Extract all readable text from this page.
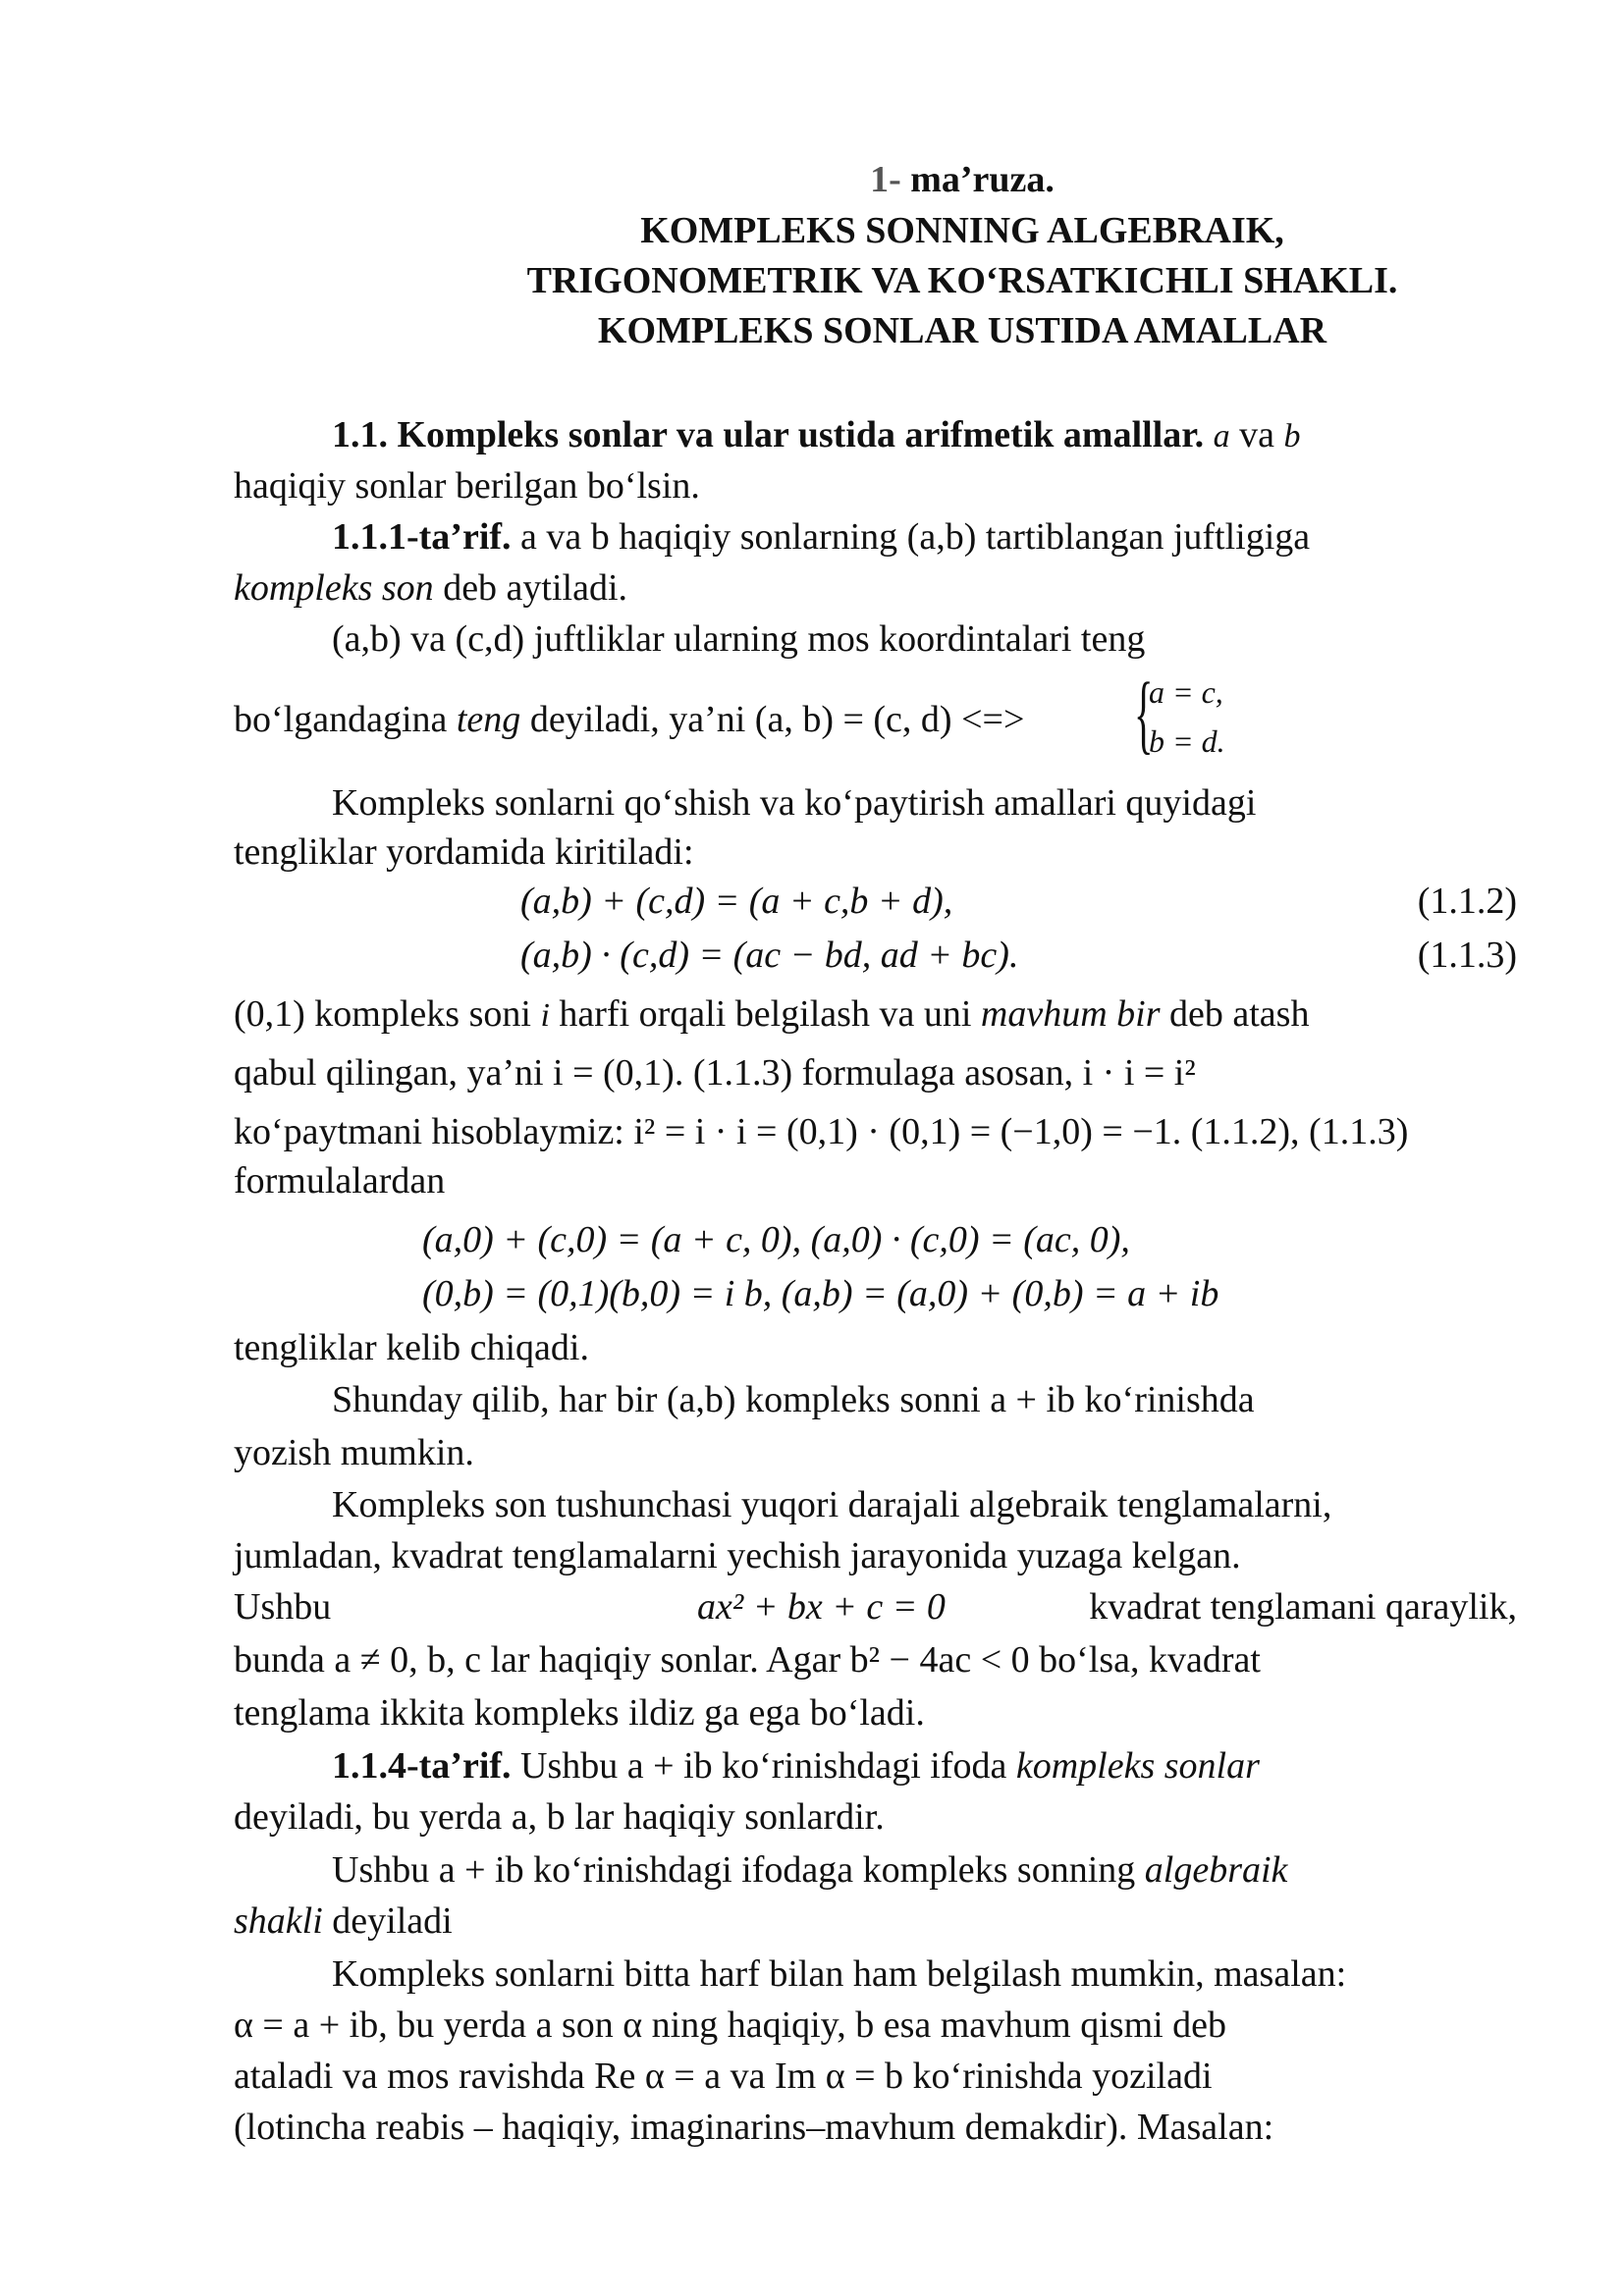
1- ma’ruza.
KOMPLEKS SONNING ALGEBRAIK,
TRIGONOMETRIK VA KO‘RSATKICHLI SHAKLI.
KOMPLEKS SONLAR USTIDA AMALLAR
1.1. Kompleks sonlar va ular ustida arifmetik amalllar. a va b
haqiqiy sonlar berilgan bo‘lsin.
1.1.1-ta’rif. a va b haqiqiy sonlarning (a,b) tartiblangan juftligiga
kompleks son deb aytiladi.
(a,b) va (c,d) juftliklar ularning mos koordintalari teng
bo‘lgandagina teng deyiladi, ya’ni (a, b) = (c, d) <=>	{
a = c,
b = d.
Kompleks sonlarni qo‘shish va ko‘paytirish amallari quyidagi
tengliklar yordamida kiritiladi:
(a,b) + (c,d) = (a + c,b + d),	(1.1.2)
(a,b) · (c,d) = (ac − bd, ad + bc).	(1.1.3)
(0,1) kompleks soni i harfi orqali belgilash va uni mavhum bir deb atash
qabul qilingan, ya’ni i = (0,1). (1.1.3) formulaga asosan, i · i = i²
ko‘paytmani hisoblaymiz: i² = i · i = (0,1) · (0,1) = (−1,0) = −1. (1.1.2), (1.1.3)
formulalardan
(a,0) + (c,0) = (a + c, 0), (a,0) · (c,0) = (ac, 0),
(0,b) = (0,1)(b,0) = i b, (a,b) = (a,0) + (0,b) = a + ib
tengliklar kelib chiqadi.
Shunday qilib, har bir (a,b) kompleks sonni a + ib ko‘rinishda
yozish mumkin.
Kompleks son tushunchasi yuqori darajali algebraik tenglamalarni,
jumladan, kvadrat tenglamalarni yechish jarayonida yuzaga kelgan.
Ushbu	ax² + bx + c = 0	kvadrat tenglamani qaraylik,
bunda a ≠ 0, b, c lar haqiqiy sonlar. Agar b² − 4ac < 0 bo‘lsa, kvadrat
tenglama ikkita kompleks ildiz ga ega bo‘ladi.
1.1.4-ta’rif. Ushbu a + ib ko‘rinishdagi ifoda kompleks sonlar
deyiladi, bu yerda a, b lar haqiqiy sonlardir.
Ushbu a + ib ko‘rinishdagi ifodaga kompleks sonning algebraik
shakli deyiladi
Kompleks sonlarni bitta harf bilan ham belgilash mumkin, masalan:
α = a + ib, bu yerda a son α ning haqiqiy, b esa mavhum qismi deb
ataladi va mos ravishda Re α = a va Im α = b ko‘rinishda yoziladi
(lotincha reabis – haqiqiy, imaginarins–mavhum demakdir). Masalan:
